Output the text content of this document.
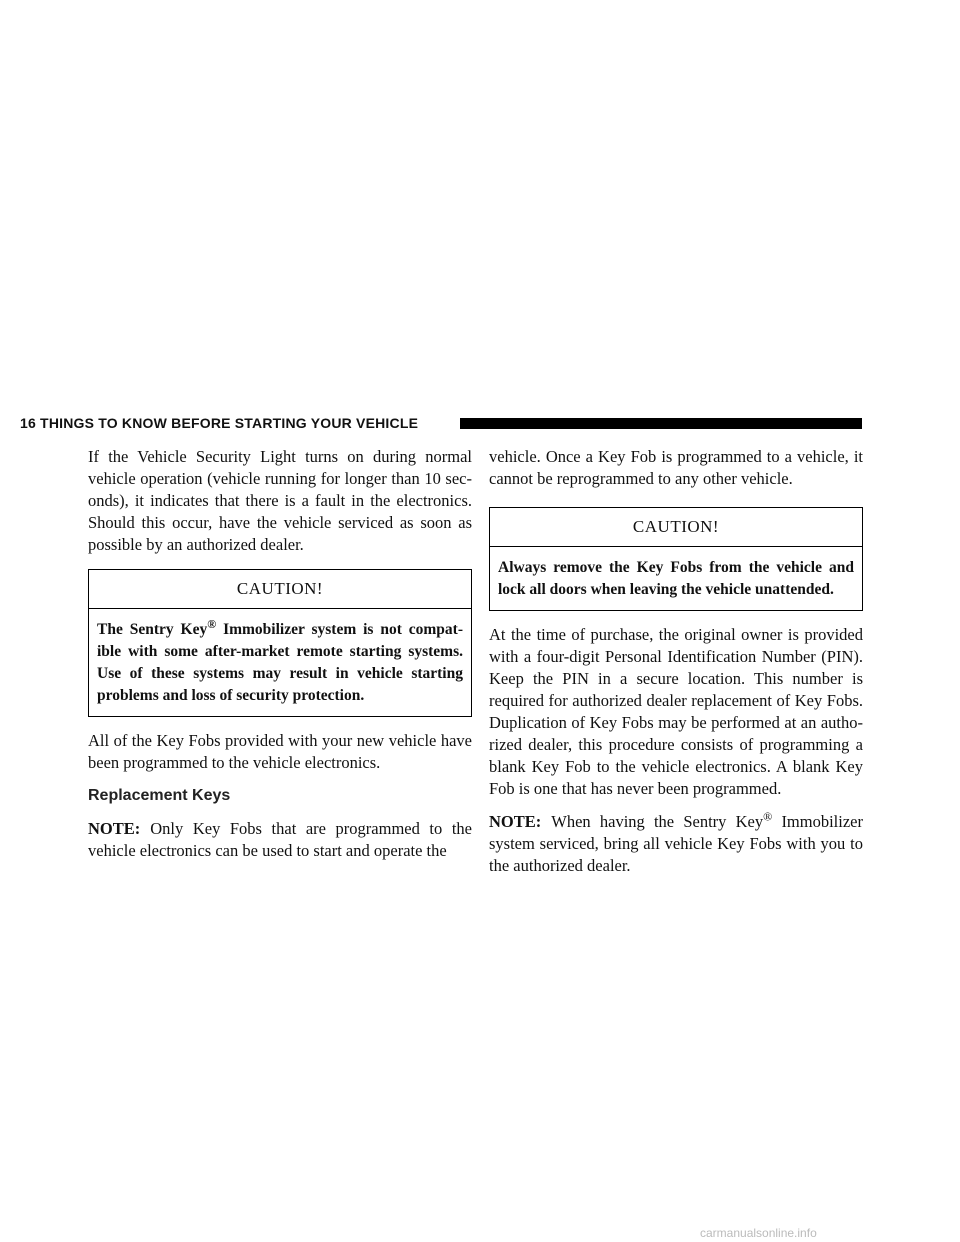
16 THINGS TO KNOW BEFORE STARTING YOUR VEHICLE

If the Vehicle Security Light turns on during normal vehicle operation (vehicle running for longer than 10 sec-onds), it indicates that there is a fault in the electronics. Should this occur, have the vehicle serviced as soon as possible by an authorized dealer.

CAUTION!
The Sentry Key® Immobilizer system is not compat-ible with some after-market remote starting systems. Use of these systems may result in vehicle starting problems and loss of security protection.

All of the Key Fobs provided with your new vehicle have been programmed to the vehicle electronics.

Replacement Keys

NOTE: Only Key Fobs that are programmed to the vehicle electronics can be used to start and operate the

vehicle. Once a Key Fob is programmed to a vehicle, it cannot be reprogrammed to any other vehicle.

CAUTION!
Always remove the Key Fobs from the vehicle and lock all doors when leaving the vehicle unattended.

At the time of purchase, the original owner is provided with a four-digit Personal Identification Number (PIN). Keep the PIN in a secure location. This number is required for authorized dealer replacement of Key Fobs. Duplication of Key Fobs may be performed at an autho-rized dealer, this procedure consists of programming a blank Key Fob to the vehicle electronics. A blank Key Fob is one that has never been programmed.

NOTE: When having the Sentry Key® Immobilizer system serviced, bring all vehicle Key Fobs with you to the authorized dealer.

carmanualsonline.info
